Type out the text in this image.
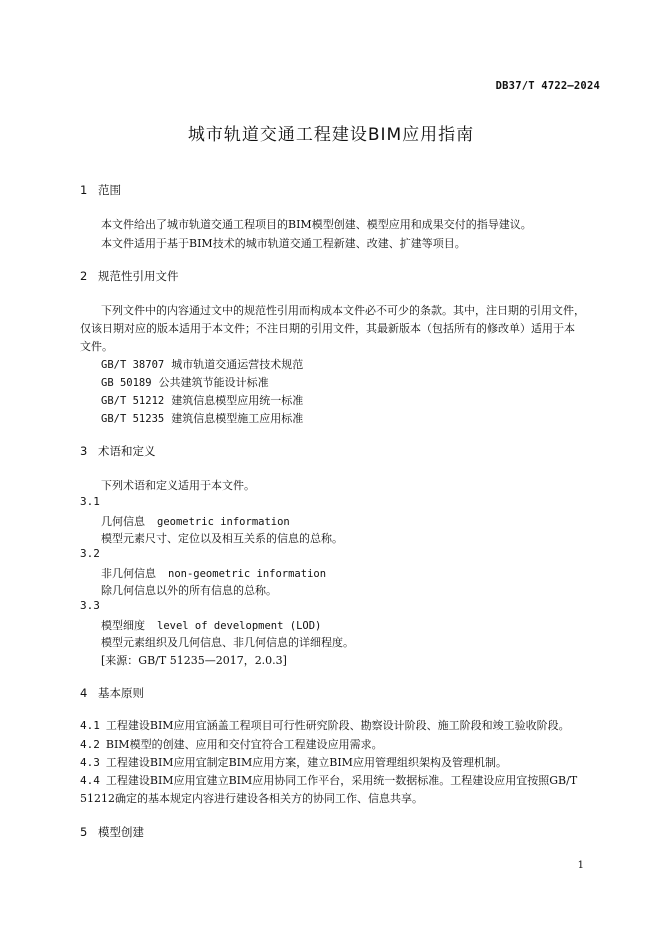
DB37/T 4722—2024
城市轨道交通工程建设BIM应用指南
1 范围
本文件给出了城市轨道交通工程项目的BIM模型创建、模型应用和成果交付的指导建议。
本文件适用于基于BIM技术的城市轨道交通工程新建、改建、扩建等项目。
2 规范性引用文件
下列文件中的内容通过文中的规范性引用而构成本文件必不可少的条款。其中，注日期的引用文件，
仅该日期对应的版本适用于本文件；不注日期的引用文件，其最新版本（包括所有的修改单）适用于本
文件。
GB/T 38707 城市轨道交通运营技术规范
GB 50189 公共建筑节能设计标准
GB/T 51212 建筑信息模型应用统一标准
GB/T 51235 建筑信息模型施工应用标准
3 术语和定义
下列术语和定义适用于本文件。
3.1
几何信息 geometric information
模型元素尺寸、定位以及相互关系的信息的总称。
3.2
非几何信息 non-geometric information
除几何信息以外的所有信息的总称。
3.3
模型细度 level of development (LOD)
模型元素组织及几何信息、非几何信息的详细程度。
[来源：GB/T 51235—2017，2.0.3]
4 基本原则
4.1 工程建设BIM应用宜涵盖工程项目可行性研究阶段、勘察设计阶段、施工阶段和竣工验收阶段。
4.2 BIM模型的创建、应用和交付宜符合工程建设应用需求。
4.3 工程建设BIM应用宜制定BIM应用方案，建立BIM应用管理组织架构及管理机制。
4.4 工程建设BIM应用宜建立BIM应用协同工作平台，采用统一数据标准。工程建设应用宜按照GB/T
51212确定的基本规定内容进行建设各相关方的协同工作、信息共享。
5 模型创建
1
